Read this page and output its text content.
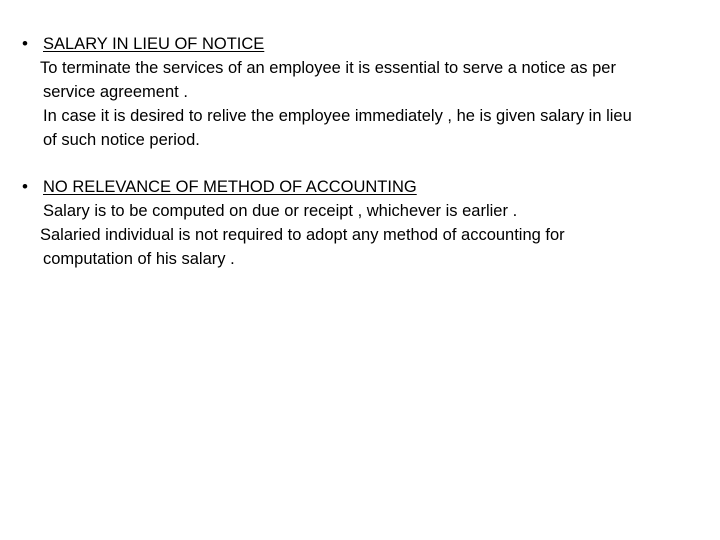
• SALARY IN LIEU OF NOTICE

To terminate the services of an employee it is essential to serve a notice as per

service agreement .

In case it is desired to relive the employee immediately , he is given salary in lieu

of such notice period.

• NO RELEVANCE OF METHOD OF ACCOUNTING

Salary is to be computed on due or receipt , whichever is earlier .

Salaried individual is not required to adopt any method of accounting for

computation of his salary .
